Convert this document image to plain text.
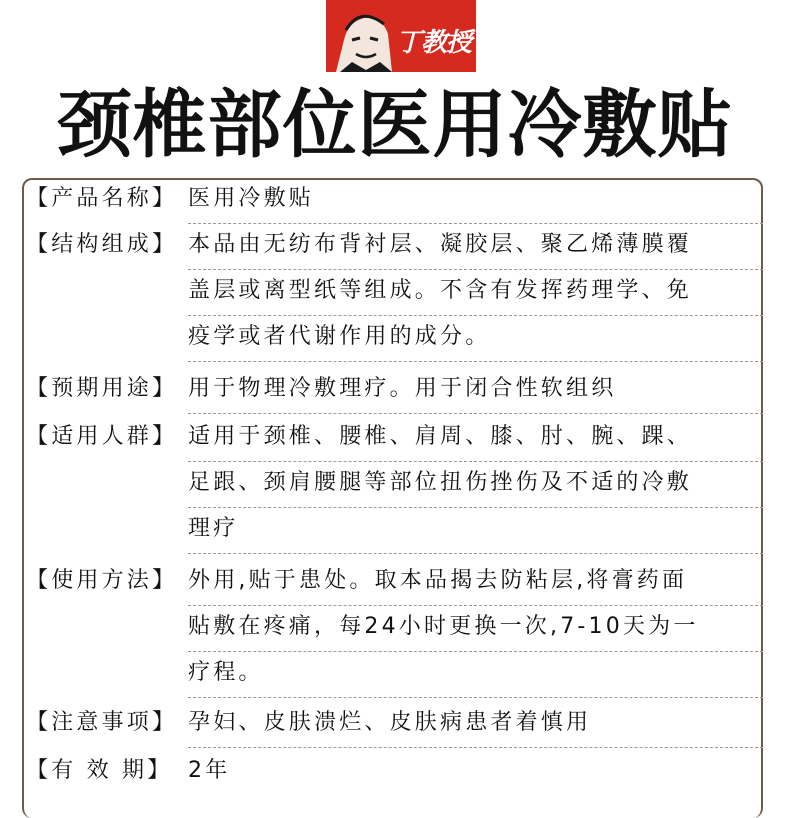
丁教授
颈椎部位医用冷敷贴
【产品名称】 医用冷敷贴
【结构组成】 本品由无纺布背衬层、凝胶层、聚乙烯薄膜覆
盖层或离型纸等组成。不含有发挥药理学、免
疫学或者代谢作用的成分。
【预期用途】 用于物理冷敷理疗。用于闭合性软组织
【适用人群】 适用于颈椎、腰椎、肩周、膝、肘、腕、踝、
足跟、颈肩腰腿等部位扭伤挫伤及不适的冷敷
理疗
【使用方法】 外用,贴于患处。取本品揭去防粘层,将膏药面
贴敷在疼痛，每24小时更换一次,7-10天为一
疗程。
【注意事项】 孕妇、皮肤溃烂、皮肤病患者着慎用
【有 效 期】 2年
